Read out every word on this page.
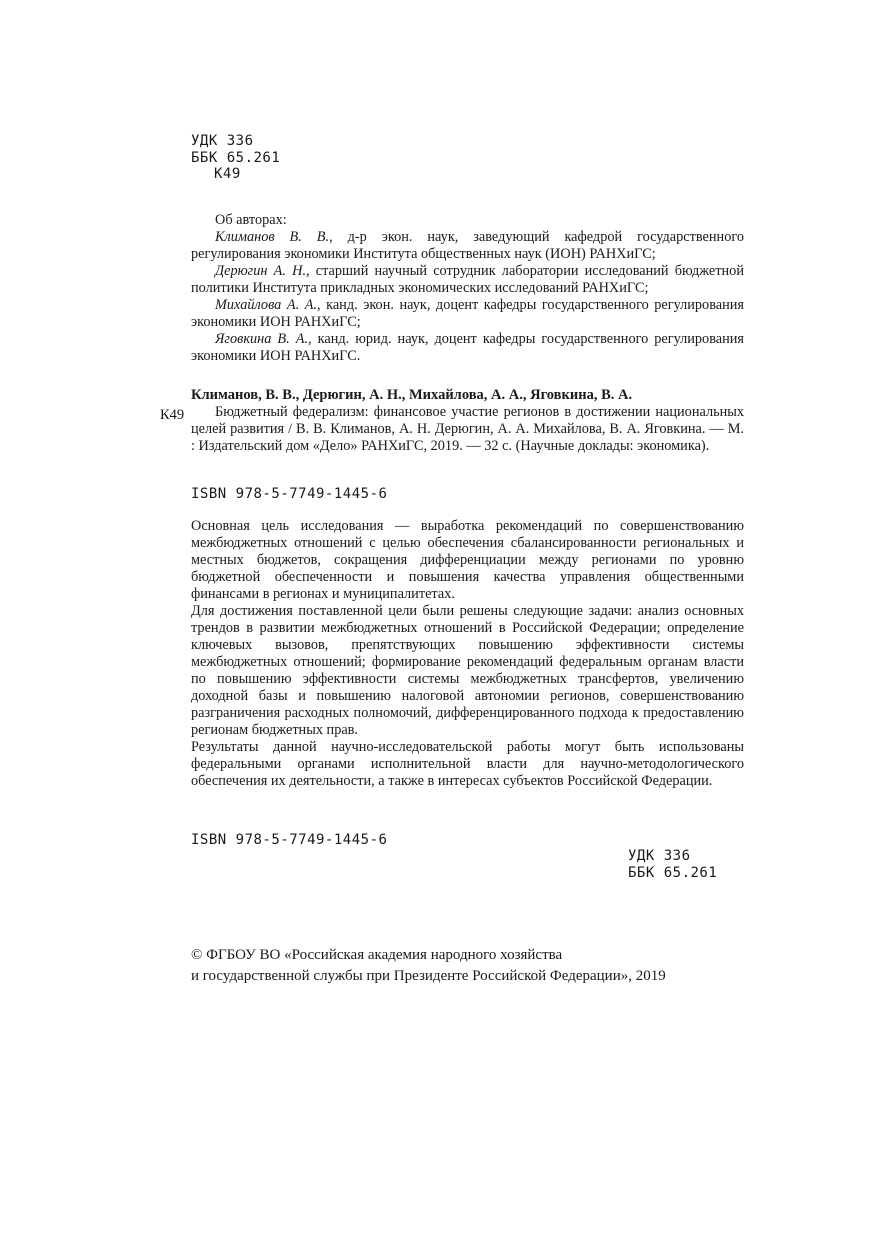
УДК 336
ББК 65.261
К49

Об авторах:

Климанов В. В., д-р экон. наук, заведующий кафедрой государственного регулирования экономики Института общественных наук (ИОН) РАНХиГС;

Дерюгин А. Н., старший научный сотрудник лаборатории исследований бюджетной политики Института прикладных экономических исследований РАНХиГС;

Михайлова А. А., канд. экон. наук, доцент кафедры государственного регулирования экономики ИОН РАНХиГС;

Яговкина В. А., канд. юрид. наук, доцент кафедры государственного регулирования экономики ИОН РАНХиГС.

Климанов, В. В., Дерюгин, А. Н., Михайлова, А. А., Яговкина, В. А.
К49	Бюджетный федерализм: финансовое участие регионов в достижении национальных целей развития / В. В. Климанов, А. Н. Дерюгин, А. А. Михайлова, В. А. Яговкина. — М. : Издательский дом «Дело» РАНХиГС, 2019. — 32 с. (Научные доклады: экономика).

ISBN 978-5-7749-1445-6

Основная цель исследования — выработка рекомендаций по совершенствованию межбюджетных отношений с целью обеспечения сбалансированности региональных и местных бюджетов, сокращения дифференциации между регионами по уровню бюджетной обеспеченности и повышения качества управления общественными финансами в регионах и муниципалитетах.

Для достижения поставленной цели были решены следующие задачи: анализ основных трендов в развитии межбюджетных отношений в Российской Федерации; определение ключевых вызовов, препятствующих повышению эффективности системы межбюджетных отношений; формирование рекомендаций федеральным органам власти по повышению эффективности системы межбюджетных трансфертов, увеличению доходной базы и повышению налоговой автономии регионов, совершенствованию разграничения расходных полномочий, дифференцированного подхода к предоставлению регионам бюджетных прав.

Результаты данной научно-исследовательской работы могут быть использованы федеральными органами исполнительной власти для научно-методологического обеспечения их деятельности, а также в интересах субъектов Российской Федерации.

ISBN 978-5-7749-1445-6
УДК 336
ББК 65.261
© ФГБОУ ВО «Российская академия народного хозяйства
и государственной службы при Президенте Российской Федерации», 2019
